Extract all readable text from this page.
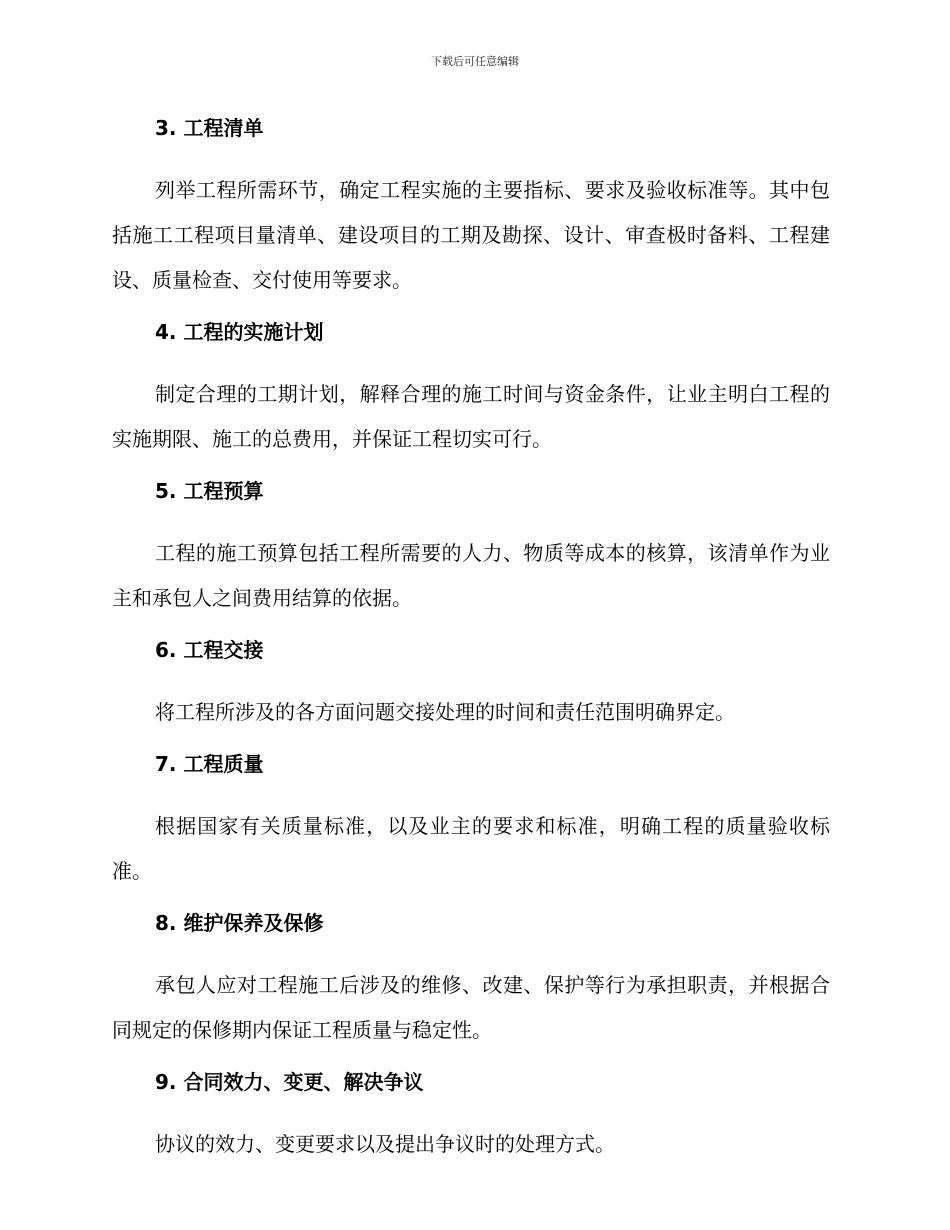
下载后可任意编辑
3. 工程清单

列举工程所需环节，确定工程实施的主要指标、要求及验收标准等。其中包括施工工程项目量清单、建设项目的工期及勘探、设计、审查极时备料、工程建设、质量检查、交付使用等要求。

4. 工程的实施计划

制定合理的工期计划，解释合理的施工时间与资金条件，让业主明白工程的实施期限、施工的总费用，并保证工程切实可行。

5. 工程预算

工程的施工预算包括工程所需要的人力、物质等成本的核算，该清单作为业主和承包人之间费用结算的依据。

6. 工程交接

将工程所涉及的各方面问题交接处理的时间和责任范围明确界定。

7. 工程质量

根据国家有关质量标准，以及业主的要求和标准，明确工程的质量验收标准。

8. 维护保养及保修

承包人应对工程施工后涉及的维修、改建、保护等行为承担职责，并根据合同规定的保修期内保证工程质量与稳定性。

9. 合同效力、变更、解决争议

协议的效力、变更要求以及提出争议时的处理方式。
